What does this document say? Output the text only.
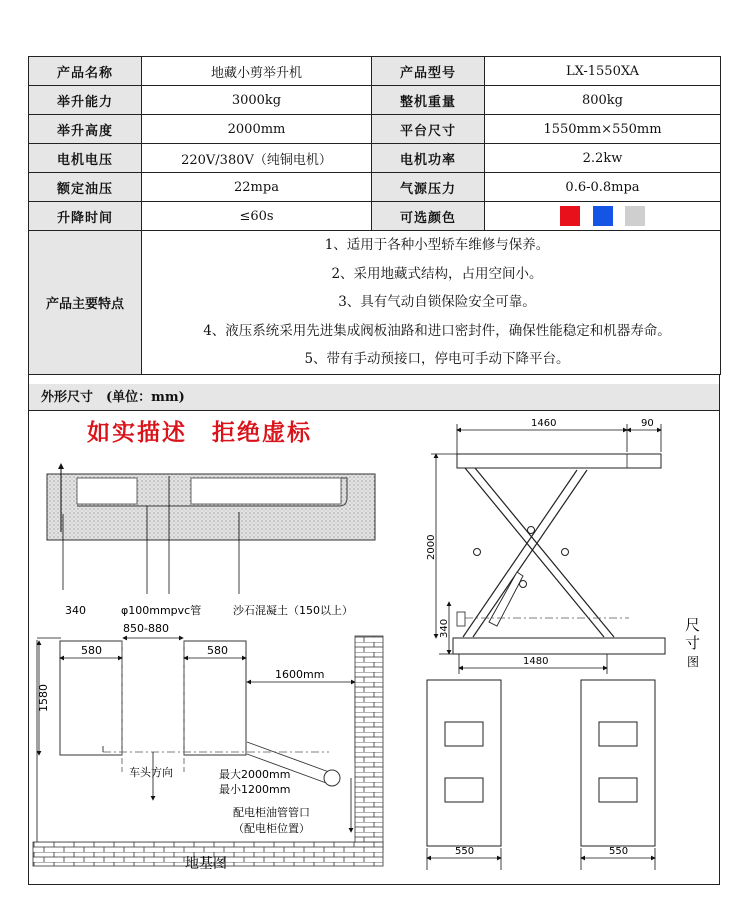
产品名称	地藏小剪举升机	产品型号	LX-1550XA
举升能力	3000kg	整机重量	800kg
举升高度	2000mm	平台尺寸	1550mm×550mm
电机电压	220V/380V（纯铜电机）	电机功率	2.2kw
额定油压	22mpa	气源压力	0.6-0.8mpa
升降时间	≤60s	可选颜色	
产品主要特点	1、适用于各种小型轿车维修与保养。
2、采用地藏式结构，占用空间小。
3、具有气动自锁保险安全可靠。
4、液压系统采用先进集成阀板油路和进口密封件，确保性能稳定和机器寿命。
5、带有手动预接口，停电可手动下降平台。		
外形尺寸　(单位：mm)
如实描述　拒绝虚标
340	φ100mmpvc管	沙石混凝土（150以上）
850-880
580	580
1580
车头方向
1600mm
最大2000mm
最小1200mm
配电柜油管管口
（配电柜位置）
地基图
1460	90
2000
340
1480
尺
寸
图
550	550
